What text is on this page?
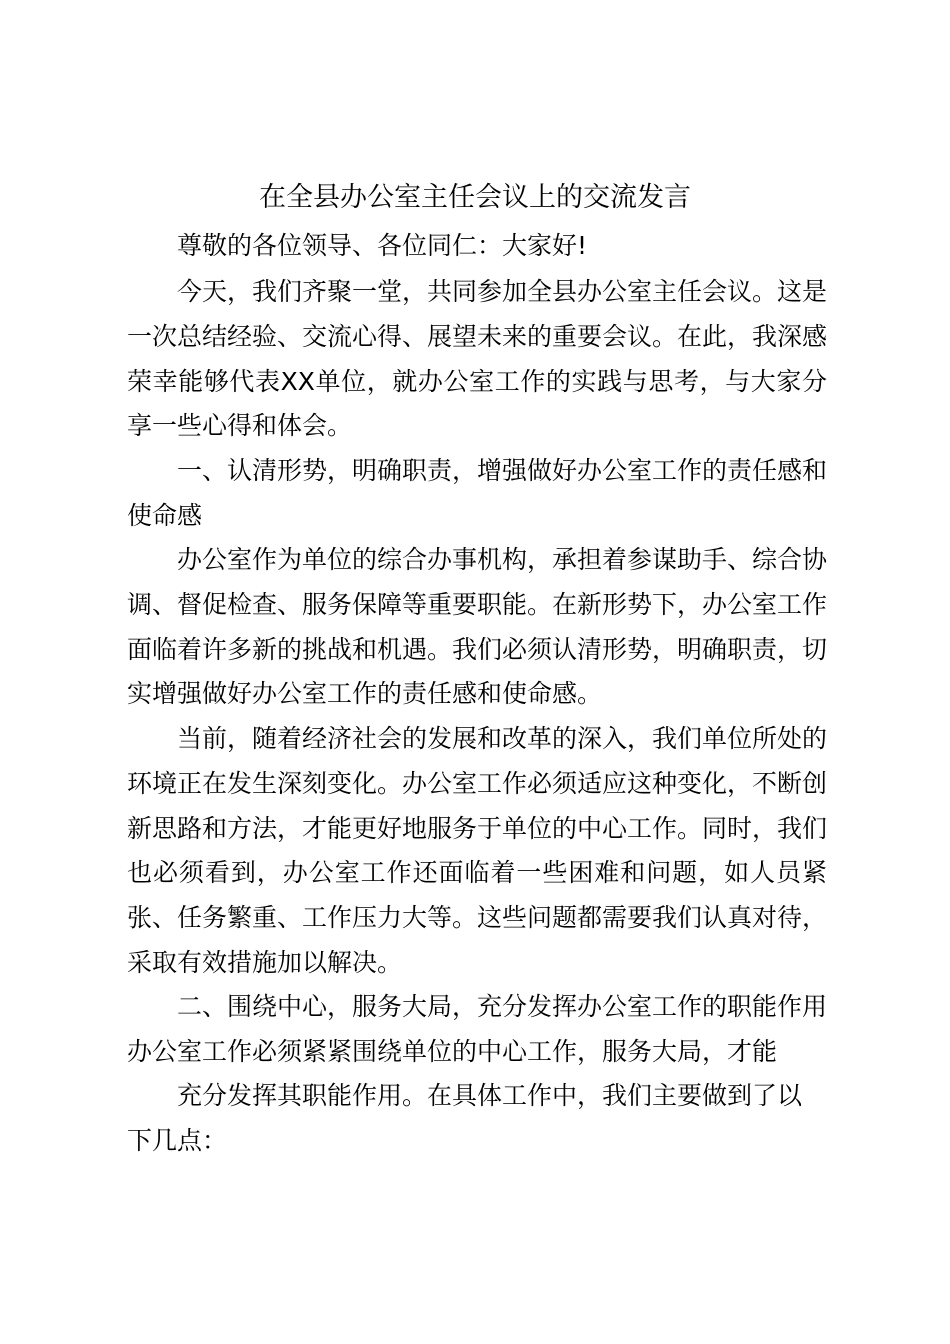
在全县办公室主任会议上的交流发言

尊敬的各位领导、各位同仁：大家好!

今天，我们齐聚一堂，共同参加全县办公室主任会议。这是一次总结经验、交流心得、展望未来的重要会议。在此，我深感荣幸能够代表XX单位，就办公室工作的实践与思考，与大家分享一些心得和体会。

一、认清形势，明确职责，增强做好办公室工作的责任感和使命感

办公室作为单位的综合办事机构，承担着参谋助手、综合协调、督促检查、服务保障等重要职能。在新形势下，办公室工作面临着许多新的挑战和机遇。我们必须认清形势，明确职责，切实增强做好办公室工作的责任感和使命感。

当前，随着经济社会的发展和改革的深入，我们单位所处的环境正在发生深刻变化。办公室工作必须适应这种变化，不断创新思路和方法，才能更好地服务于单位的中心工作。同时，我们也必须看到，办公室工作还面临着一些困难和问题，如人员紧张、任务繁重、工作压力大等。这些问题都需要我们认真对待，采取有效措施加以解决。

二、围绕中心，服务大局，充分发挥办公室工作的职能作用办公室工作必须紧紧围绕单位的中心工作，服务大局，才能

充分发挥其职能作用。在具体工作中，我们主要做到了以
下几点：
